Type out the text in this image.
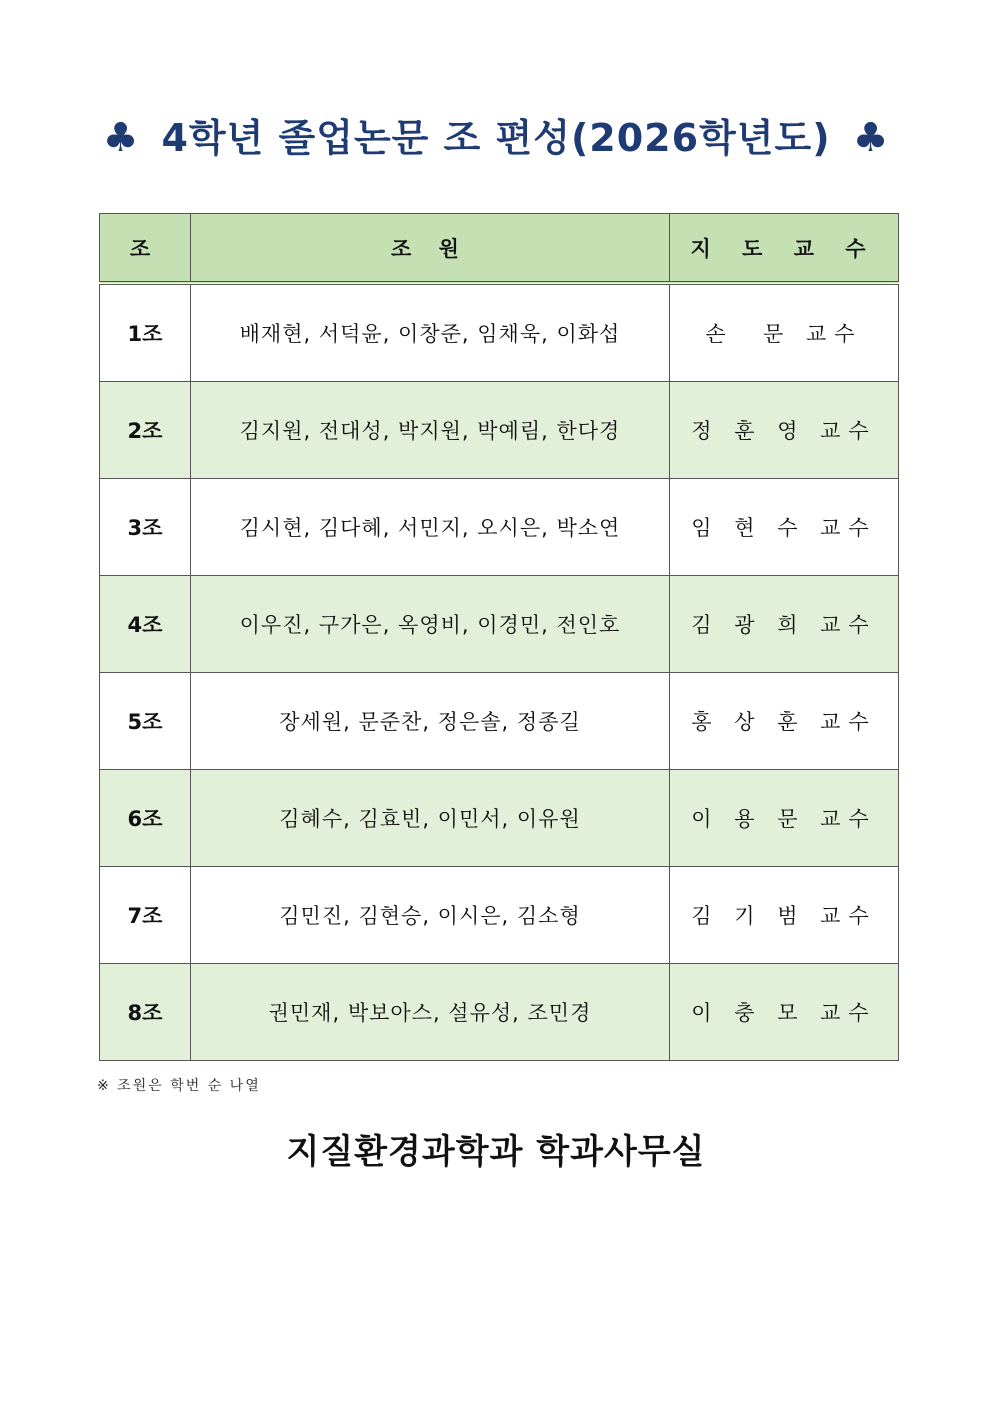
♣ 4학년 졸업논문 조 편성(2026학년도) ♣
조	조 원	지 도 교 수
1조	배재현, 서덕윤, 이창준, 임채욱, 이화섭	손  문 교수
2조	김지원, 전대성, 박지원, 박예림, 한다경	정 훈 영 교수
3조	김시현, 김다혜, 서민지, 오시은, 박소연	임 현 수 교수
4조	이우진, 구가은, 옥영비, 이경민, 전인호	김 광 희 교수
5조	장세원, 문준찬, 정은솔, 정종길	홍 상 훈 교수
6조	김혜수, 김효빈, 이민서, 이유원	이 용 문 교수
7조	김민진, 김현승, 이시은, 김소형	김 기 범 교수
8조	권민재, 박보아스, 설유성, 조민경	이 충 모 교수
※ 조원은 학번 순 나열
지질환경과학과 학과사무실
